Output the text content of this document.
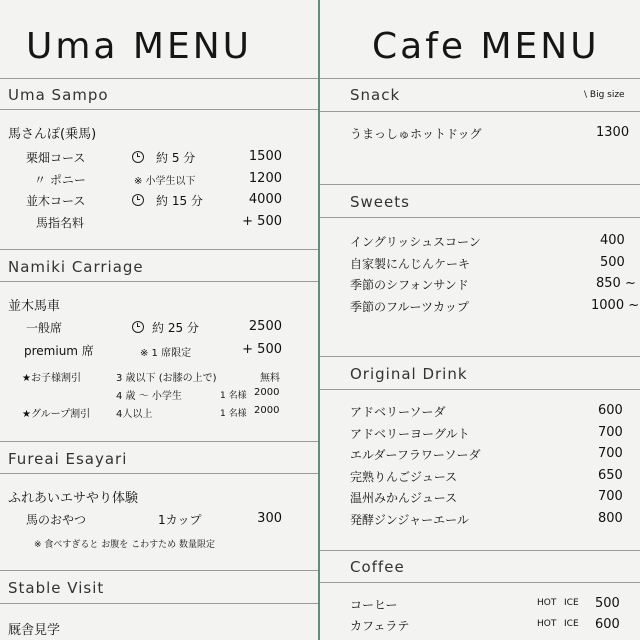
Uma MENU
Uma Sampo
馬さんぽ(乗馬)
栗畑コース	約 5 分	1500
〃 ポニー	※ 小学生以下	1200
並木コース	約 15 分	4000
馬指名料	+ 500
Namiki Carriage
並木馬車
一般席	約 25 分	2500
premium 席	※ 1 席限定	+ 500
★お子様割引	3 歳以下 (お膝の上で)	無料
4 歳 ～ 小学生	1 名様 2000
★グループ割引	4人以上	1 名様 2000
Fureai Esayari
ふれあいエサやり体験
馬のおやつ	1カップ	300
※ 食べすぎると お腹を こわすため 数量限定
Stable Visit
厩舎見学
Cafe MENU
Snack	\ Big size
うまっしゅホットドッグ	1300
Sweets
イングリッシュスコーン	400
自家製にんじんケーキ	500
季節のシフォンサンド	850 ~
季節のフルーツカップ	1000 ~
Original Drink
アドベリーソーダ	600
アドベリーヨーグルト	700
エルダーフラワーソーダ	700
完熟りんごジュース	650
温州みかんジュース	700
発酵ジンジャーエール	800
Coffee
コーヒー	HOT ICE 500
カフェラテ	HOT ICE 600
